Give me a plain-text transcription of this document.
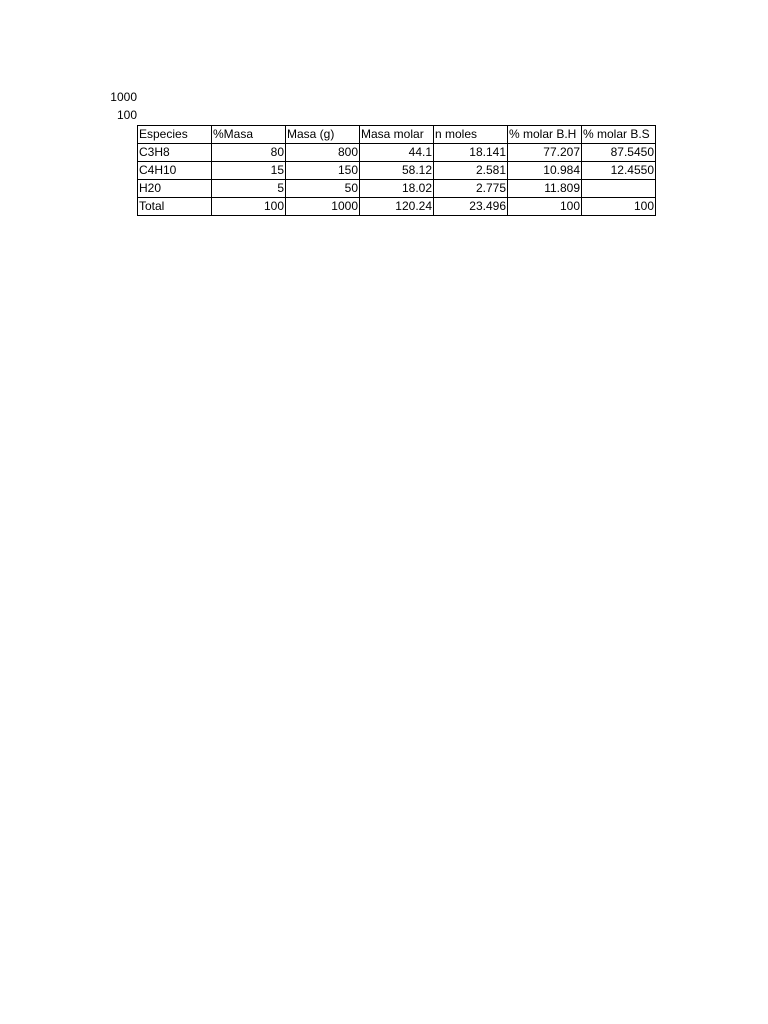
1000
100
Especies	%Masa	Masa (g)	Masa molar	n moles	% molar B.H	% molar B.S
C3H8	80	800	44.1	18.141	77.207	87.5450
C4H10	15	150	58.12	2.581	10.984	12.4550
H20	5	50	18.02	2.775	11.809	
Total	100	1000	120.24	23.496	100	100
